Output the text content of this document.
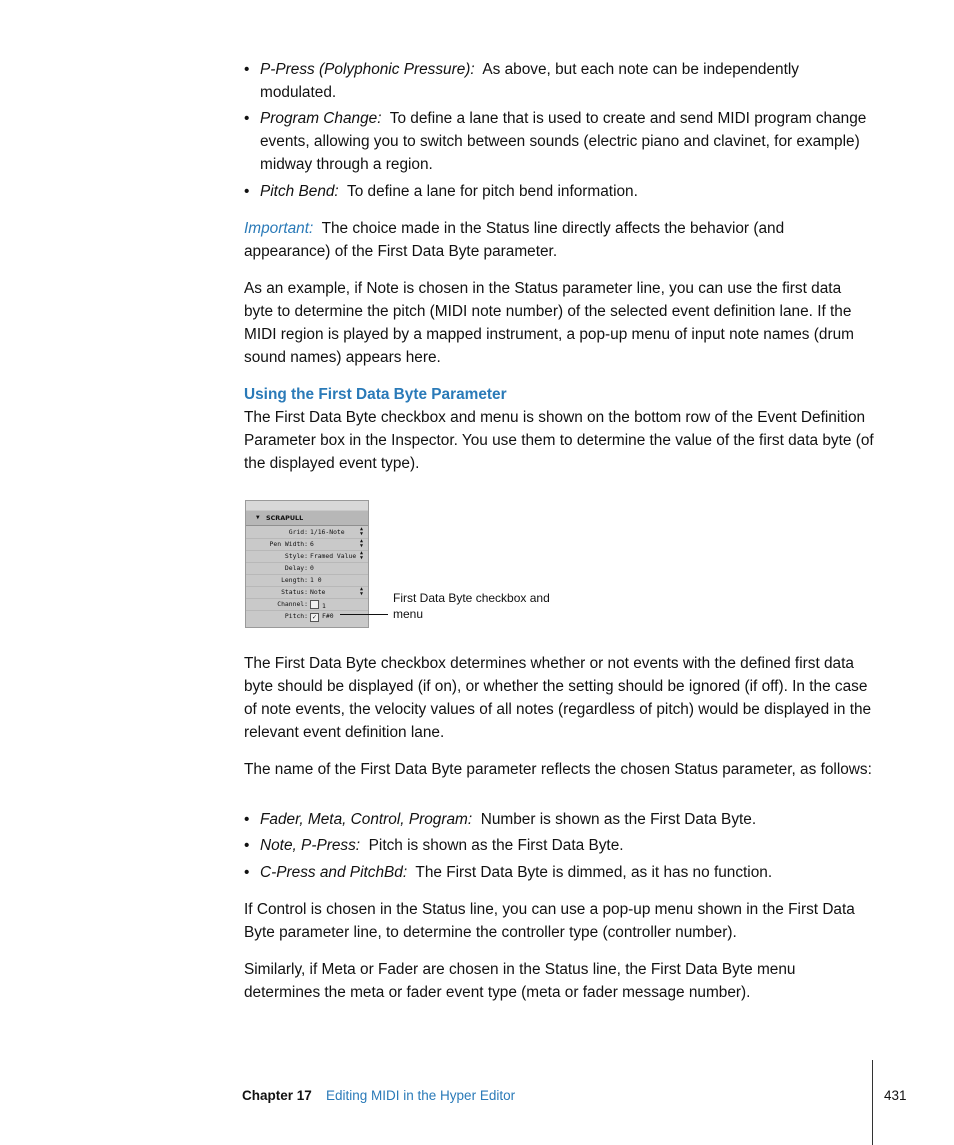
• P-Press (Polyphonic Pressure): As above, but each note can be independently modulated.
• Program Change: To define a lane that is used to create and send MIDI program change events, allowing you to switch between sounds (electric piano and clavinet, for example) midway through a region.
• Pitch Bend: To define a lane for pitch bend information.
Important: The choice made in the Status line directly affects the behavior (and appearance) of the First Data Byte parameter.
As an example, if Note is chosen in the Status parameter line, you can use the first data byte to determine the pitch (MIDI note number) of the selected event definition lane. If the MIDI region is played by a mapped instrument, a pop-up menu of input note names (drum sound names) appears here.
Using the First Data Byte Parameter
The First Data Byte checkbox and menu is shown on the bottom row of the Event Definition Parameter box in the Inspector. You use them to determine the value of the first data byte (of the displayed event type).
▼ SCRAPULL
Grid: 1/16-Note	▲
▼
Pen Width: 6	▲
▼
Style: Framed Value ▲
▼
Delay: 0
Length: 1 0
Status: Note	▲
▼
Channel:	1
Pitch: ✓ F#0
First Data Byte checkbox and menu
The First Data Byte checkbox determines whether or not events with the defined first data byte should be displayed (if on), or whether the setting should be ignored (if off). In the case of note events, the velocity values of all notes (regardless of pitch) would be displayed in the relevant event definition lane.
The name of the First Data Byte parameter reflects the chosen Status parameter, as follows:
• Fader, Meta, Control, Program: Number is shown as the First Data Byte.
• Note, P-Press: Pitch is shown as the First Data Byte.
• C-Press and PitchBd: The First Data Byte is dimmed, as it has no function.
If Control is chosen in the Status line, you can use a pop-up menu shown in the First Data Byte parameter line, to determine the controller type (controller number).
Similarly, if Meta or Fader are chosen in the Status line, the First Data Byte menu determines the meta or fader event type (meta or fader message number).
Chapter 17 Editing MIDI in the Hyper Editor	431
